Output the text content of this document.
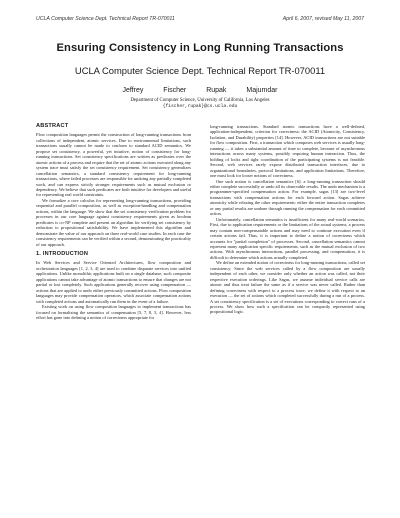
UCLA Computer Science Dept. Technical Report TR-070011	April 6, 2007, revised May 11, 2007
Ensuring Consistency in Long Running Transactions
UCLA Computer Science Dept. Technical Report TR-070011
Jeffrey Fischer Rupak Majumdar
Department of Computer Science, University of California, Los Angeles
{fischer,rupak}@cs.ucla.edu
ABSTRACT

Flow composition languages permit the construction of long-running transactions from collections of independent, atomic services. Due to environmental limitations, such transactions usually cannot be made to conform to standard ACID semantics. We propose set consistency, a powerful, yet intuitive, notion of consistency for long-running transactions. Set consistency specifications are written as predicates over the atomic actions of a process and require that the set of atomic actions executed along any system trace must satisfy the set consistency requirement. Set consistency generalizes cancellation semantics, a standard consistency requirement for long-running transactions, where failed processes are responsible for undoing any partially completed work, and can express strictly stronger requirements such as mutual exclusion or dependency. We believe that such predicates are both intuitive for developers and useful for representing real world constraints.

We formalize a core calculus for representing long-running transactions, providing sequential and parallel composition, as well as exception-handling and compensation actions, within the language. We show that the set consistency verification problem for processes in our core language against consistency requirements given as boolean predicates is co-NP complete and present an algorithm for verifying set consistency by reduction to propositional satisfiability. We have implemented this algorithm and demonstrate the value of our approach on three real-world case studies. In each case the consistency requirements can be verified within a second, demonstrating the practicality of our approach.

1. INTRODUCTION

In Web Services and Service Oriented Architectures, flow composition and orchestration languages [1, 2, 3, 4] are used to combine disparate services into unified applications. Unlike monolithic applications built on a single database, such composite applications cannot take advantage of atomic transactions to ensure that changes are not partial or lost completely. Such applications generally recover using compensation — actions that are applied to undo either previously committed actions. Flow composition languages may provide compensation operators, which associate compensation actions with completed actions and automatically run them in the event of a failure.

Existing work on using flow composition languages to implement transactions has focused on formalizing the semantics of compensation [5, 7, 8, 5, 4]. However, less effort has gone into defining a notion of correctness appropriate for

long-running transactions. Standard atomic transactions have a well-defined, application-independent, criterion for correctness: the ACID (Atomicity, Consistency, Isolation, and Durability) properties [14]. However, ACID transactions are not suitable for flow composition. First, a transaction which composes web services is usually long-running — it takes a substantial amount of time to complete, because of asynchronous interactions across many systems, possibly requiring human interaction. Thus, the holding of locks and tight coordination of the participating systems is not feasible. Second, web services rarely expose distributed transaction interfaces, due to organizational boundaries, protocol limitations, and application limitations. Therefore, one must look for looser notions of correctness.

One such notion is cancellation semantics [6]: a long-running transaction should either complete successfully or undo all its observable results. The undo mechanism is a programmer-specified compensation action. For example, sagas [13] are two-level transactions with compensation actions for each forward action. Sagas achieve atomicity while relaxing the other requirements: either the entire transaction completes or any partial results are undone through running the compensation for each committed action.

Unfortunately, cancellation semantics is insufficient for many real-world scenarios. First, due to application requirements or the limitations of the actual systems, a process may contain non-compensatable actions and may need to continue execution even if certain actions fail. Thus, it is important to define a notion of correctness which accounts for "partial completion" of processes. Second, cancellation semantics cannot represent many application specific requirements, such as the mutual exclusion of two actions. With asynchronous interactions, parallel processing, and compensation, it is difficult to determine which actions actually completed.

We define an extended notion of correctness for long-running transactions, called set consistency. Since the web services called by a flow composition are usually independent of each other, we consider only whether an action was called, not their respective execution orderings. Like Sagas, we assume individual service calls are atomic and thus treat failure the same as if a service was never called. Rather than defining correctness with respect to a process trace, we define it with respect to an execution — the set of actions which completed successfully during a run of a process. A set consistency specification is a set of executions corresponding to correct runs of a process. We show how such a specification can be compactly represented using propositional logic.
